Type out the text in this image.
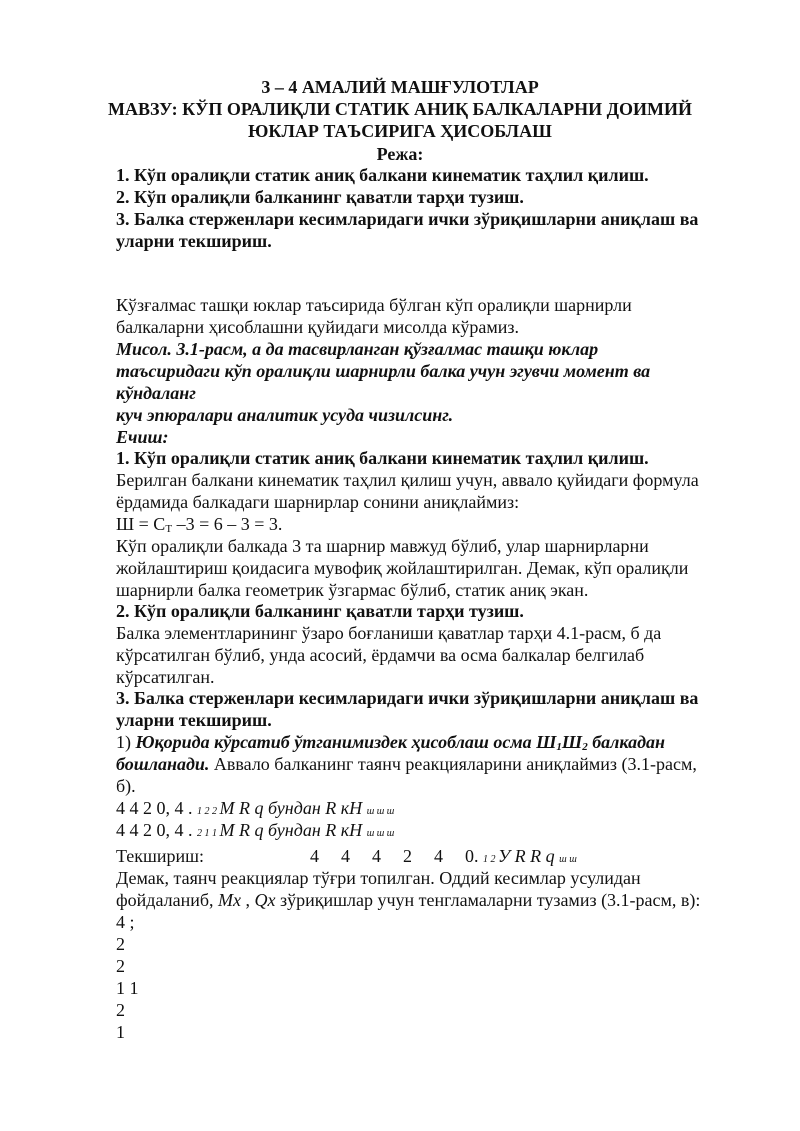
3 – 4 АМАЛИЙ МАШҒУЛОТЛАР
МАВЗУ: КЎП ОРАЛИҚЛИ СТАТИК АНИҚ БАЛКАЛАРНИ ДОИМИЙ
ЮКЛАР ТАЪСИРИГА ҲИСОБЛАШ
Режа:
1. Кўп оралиқли статик аниқ балкани кинематик таҳлил қилиш.
2. Кўп оралиқли балканинг қаватли тарҳи тузиш.
3. Балка стерженлари кесимларидаги ички зўриқишларни аниқлаш ва
уларни текшириш.
Кўзғалмас ташқи юклар таъсирида бўлган кўп оралиқли шарнирли
балкаларни ҳисоблашни қуйидаги мисолда кўрамиз.
Мисол. 3.1-расм, а да тасвирланган қўзғалмас ташқи юклар
таъсиридаги кўп оралиқли шарнирли балка учун эгувчи момент ва
кўндаланг
куч эпюралари аналитик усуда чизилсинг.
Ечиш:
1. Кўп оралиқли статик аниқ балкани кинематик таҳлил қилиш.
Берилган балкани кинематик таҳлил қилиш учун, аввало қуйидаги формула
ёрдамида балкадаги шарнирлар сонини аниқлаймиз:
Ш = СТ –3 = 6 – 3 = 3.
Кўп оралиқли балкада 3 та шарнир мавжуд бўлиб, улар шарнирларни
жойлаштириш қоидасига мувофиқ жойлаштирилган. Демак, кўп оралиқли
шарнирли балка геометрик ўзгармас бўлиб, статик аниқ экан.
2. Кўп оралиқли балканинг қаватли тарҳи тузиш.
Балка элементларининг ўзаро боғланиши қаватлар тарҳи 4.1-расм, б да
кўрсатилган бўлиб, унда асосий, ёрдамчи ва осма балкалар белгилаб
кўрсатилган.
3. Балка стерженлари кесимларидаги ички зўриқишларни аниқлаш ва
уларни текшириш.
1) Юқорида кўрсатиб ўтганимиздек ҳисоблаш осма Ш1Ш2 балкадан
бошланади. Аввало балканинг таянч реакцияларини аниқлаймиз (3.1-расм,
б).
4 4 2 0, 4 . 1 2 2 M R q бундан R кН ш ш ш
4 4 2 0, 4 . 2 1 1 M R q бундан R кН ш ш ш
Текшириш:	4 4 4 2 4 0. 1 2 У R R q ш ш
Демак, таянч реакциялар тўғри топилган. Оддий кесимлар усулидан
фойдаланиб, Mx , Qx зўриқишлар учун тенгламаларни тузамиз (3.1-расм, в):
4 ;
2
2
1 1
2
1
